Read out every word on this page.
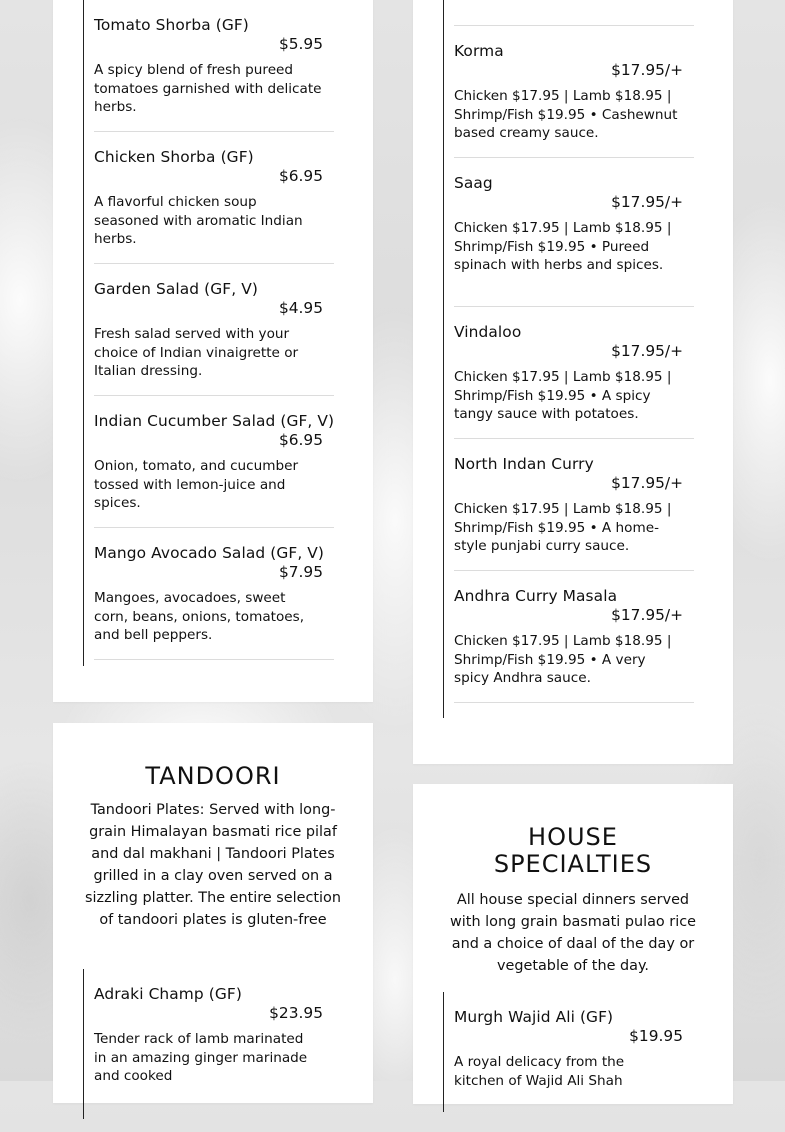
Tomato Shorba (GF)
$5.95
A spicy blend of fresh pureed tomatoes garnished with delicate herbs.
Chicken Shorba (GF)
$6.95
A flavorful chicken soup seasoned with aromatic Indian herbs.
Garden Salad (GF, V)
$4.95
Fresh salad served with your choice of Indian vinaigrette or Italian dressing.
Indian Cucumber Salad (GF, V)
$6.95
Onion, tomato, and cucumber tossed with lemon-juice and spices.
Mango Avocado Salad (GF, V)
$7.95
Mangoes, avocadoes, sweet corn, beans, onions, tomatoes, and bell peppers.
Korma
$17.95/+
Chicken $17.95 | Lamb $18.95 | Shrimp/Fish $19.95 • Cashewnut based creamy sauce.
Saag
$17.95/+
Chicken $17.95 | Lamb $18.95 | Shrimp/Fish $19.95 • Pureed spinach with herbs and spices.
Vindaloo
$17.95/+
Chicken $17.95 | Lamb $18.95 | Shrimp/Fish $19.95 • A spicy tangy sauce with potatoes.
North Indan Curry
$17.95/+
Chicken $17.95 | Lamb $18.95 | Shrimp/Fish $19.95 • A home-style punjabi curry sauce.
Andhra Curry Masala
$17.95/+
Chicken $17.95 | Lamb $18.95 | Shrimp/Fish $19.95 • A very spicy Andhra sauce.
TANDOORI
Tandoori Plates: Served with long-grain Himalayan basmati rice pilaf and dal makhani | Tandoori Plates grilled in a clay oven served on a sizzling platter. The entire selection of tandoori plates is gluten-free
Adraki Champ (GF)
$23.95
Tender rack of lamb marinated in an amazing ginger marinade and cooked
HOUSE SPECIALTIES
All house special dinners served with long grain basmati pulao rice and a choice of daal of the day or vegetable of the day.
Murgh Wajid Ali (GF)
$19.95
A royal delicacy from the kitchen of Wajid Ali Shah
